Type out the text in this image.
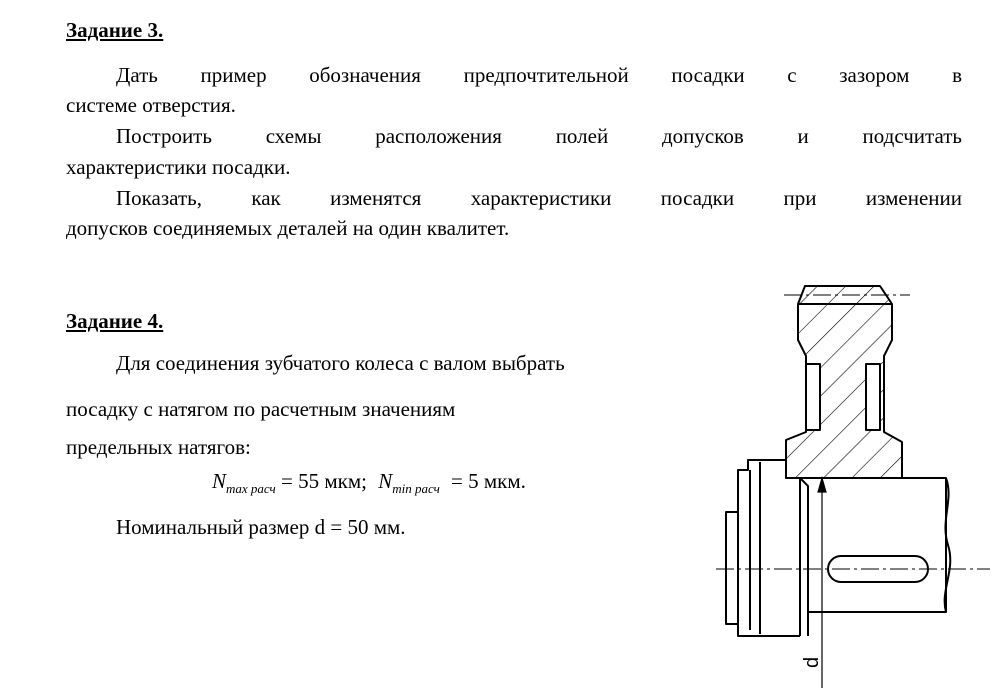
Задание 3.

Дать пример обозначения предпочтительной посадки с зазором в

системе отверстия.

Построить схемы расположения полей допусков и подсчитать

характеристики посадки.

Показать, как изменятся характеристики посадки при изменении

допусков соединяемых деталей на один квалитет.

Задание 4.

Для соединения зубчатого колеса с валом выбрать

посадку с натягом по расчетным значениям

предельных натягов:

$N_{max расч} = 55$ мкм; $N_{min расч} = 5$ мкм.

Номинальный размер d = 50 мм.

d
